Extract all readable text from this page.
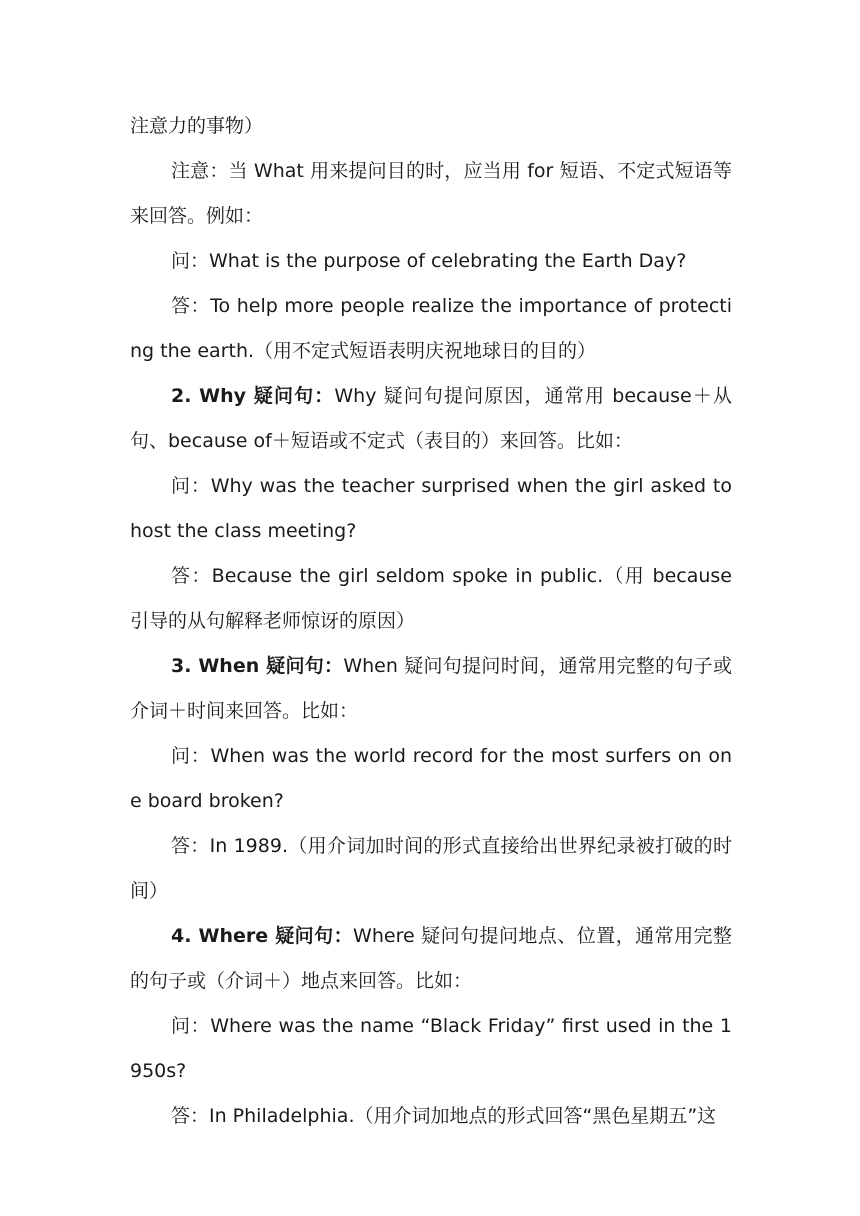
注意力的事物）

注意：当 What 用来提问目的时，应当用 for 短语、不定式短语等来回答。例如：

问：What is the purpose of celebrating the Earth Day?

答：To help more people realize the importance of protecting the earth.（用不定式短语表明庆祝地球日的目的）

2. Why 疑问句：Why 疑问句提问原因，通常用 because＋从句、because of＋短语或不定式（表目的）来回答。比如：

问：Why was the teacher surprised when the girl asked to host the class meeting?

答：Because the girl seldom spoke in public.（用 because 引导的从句解释老师惊讶的原因）

3. When 疑问句：When 疑问句提问时间，通常用完整的句子或介词＋时间来回答。比如：

问：When was the world record for the most surfers on one board broken?

答：In 1989.（用介词加时间的形式直接给出世界纪录被打破的时间）

4. Where 疑问句：Where 疑问句提问地点、位置，通常用完整的句子或（介词＋）地点来回答。比如：

问：Where was the name “Black Friday” first used in the 1950s?

答：In Philadelphia.（用介词加地点的形式回答“黑色星期五”这
